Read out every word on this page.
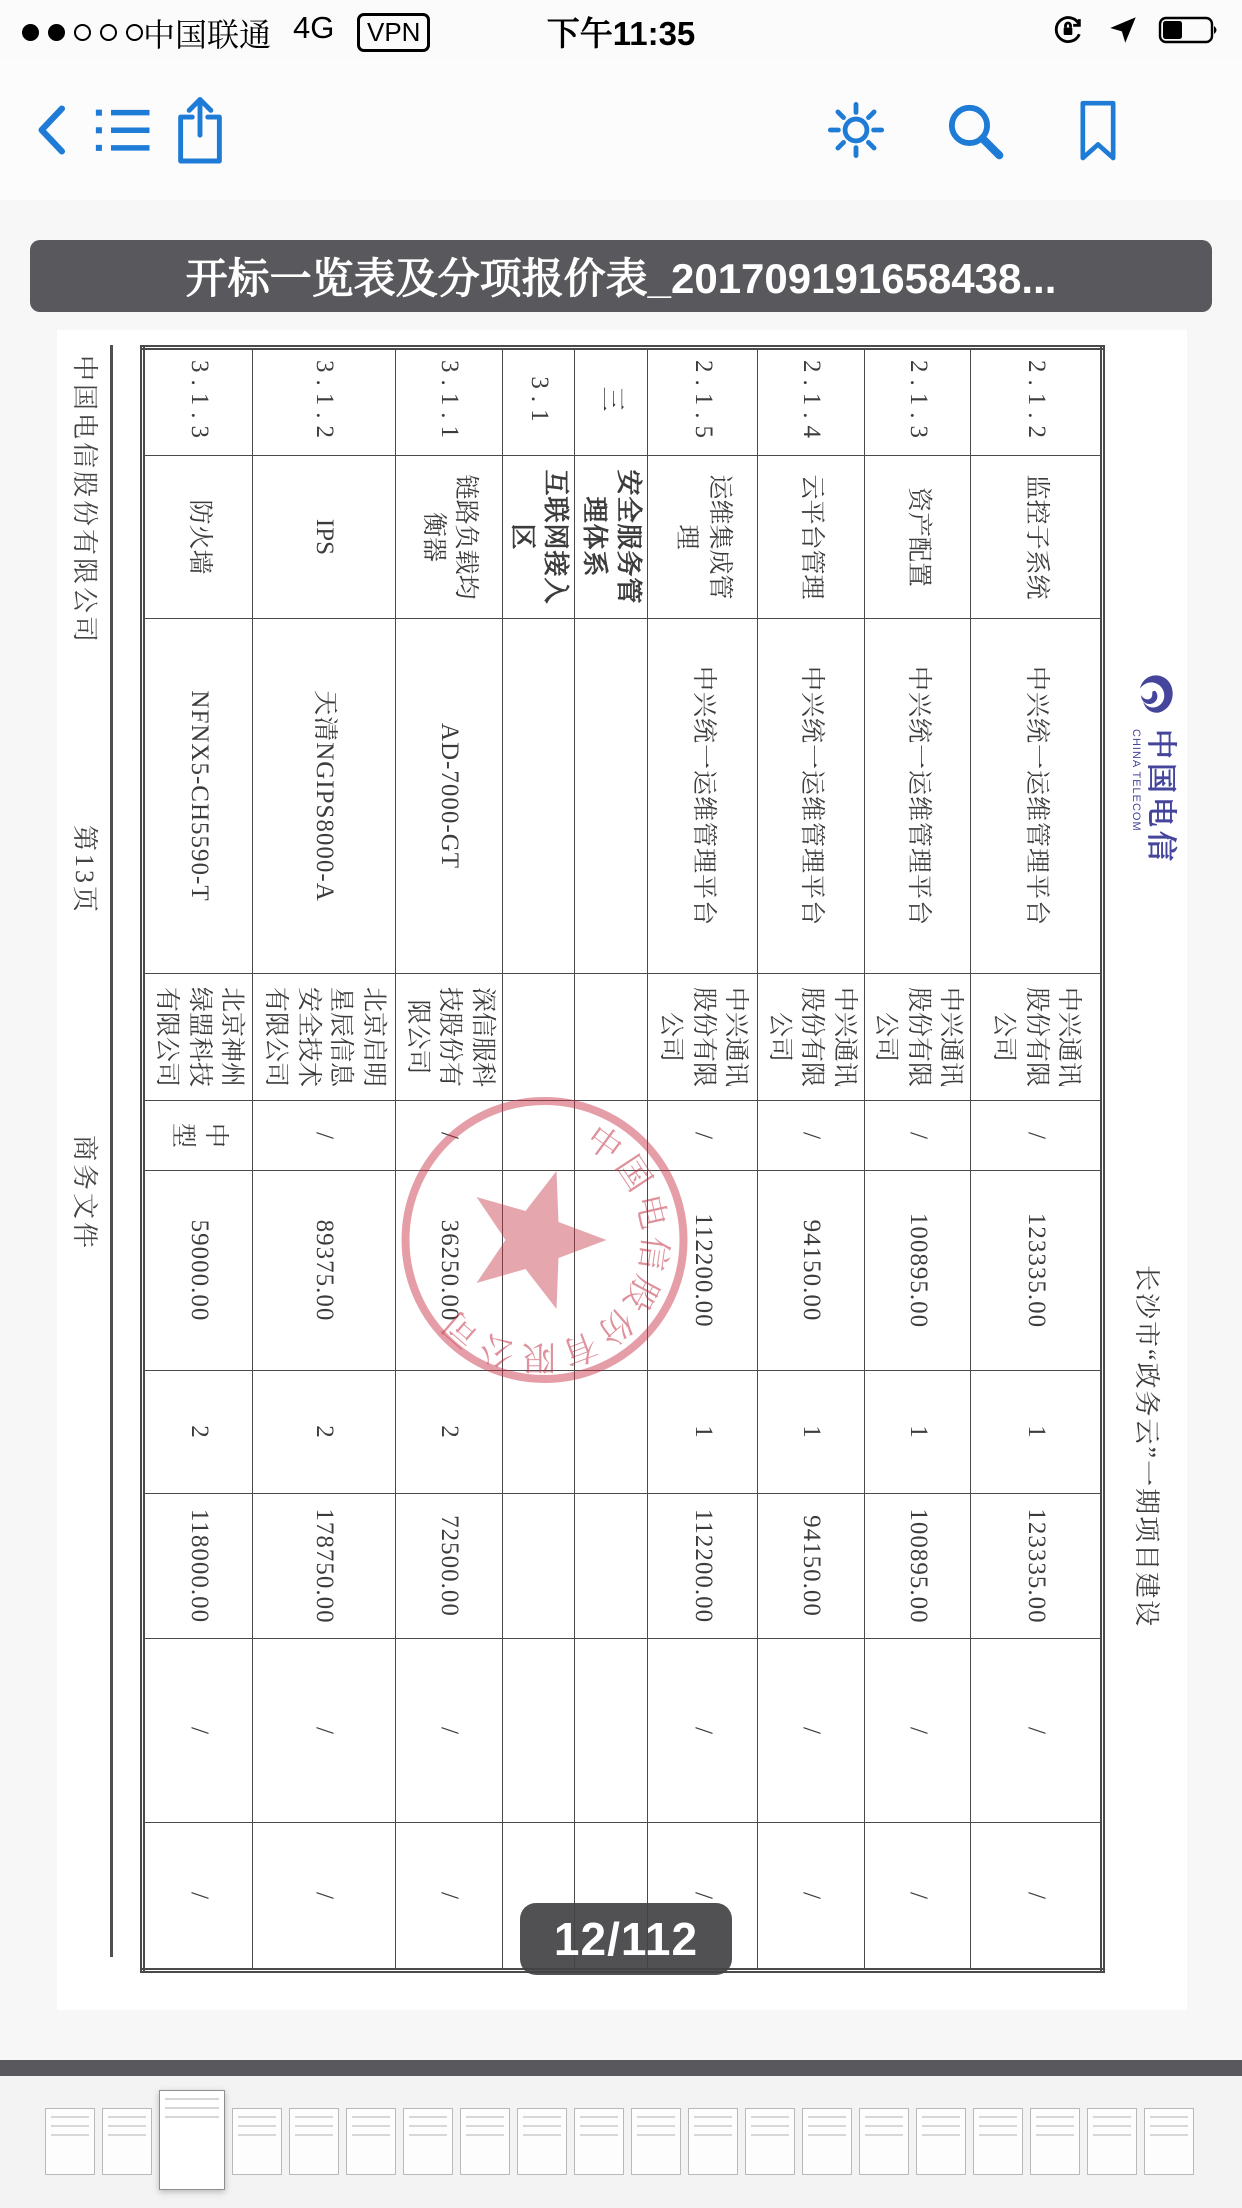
中国联通 4G	VPN	下午11:35
开标一览表及分项报价表_201709191658438...
中国电信
CHINA TELECOM
长沙市“政务云”一期项目建设
2.1.2	监控子系统	中兴统一运维管理平台	中兴通讯股份有限公司	/	123335.00	1	123335.00	/	/
2.1.3	资产配置	中兴统一运维管理平台	中兴通讯股份有限公司	/	100895.00	1	100895.00	/	/
2.1.4	云平台管理	中兴统一运维管理平台	中兴通讯股份有限公司	/	94150.00	1	94150.00	/	/
2.1.5	运维集成管理	中兴统一运维管理平台	中兴通讯股份有限公司	/	112200.00	1	112200.00	/	/
三	安全服务管理体系								
3.1	互联网接入区								
3.1.1	链路负载均衡器	AD-7000-GT	深信服科技股份有限公司	/	36250.00	2	72500.00	/	/
3.1.2	IPS	天清NGIPS8000-A	北京启明星辰信息安全技术有限公司	/	89375.00	2	178750.00	/	/
3.1.3	防火墙	NFNX5-CH5590-T	北京神州绿盟科技有限公司	中型	59000.00	2	118000.00	/	/
中国电信股份有限公司
第13页
商务文件	中国电信股份有限公司
12/112
